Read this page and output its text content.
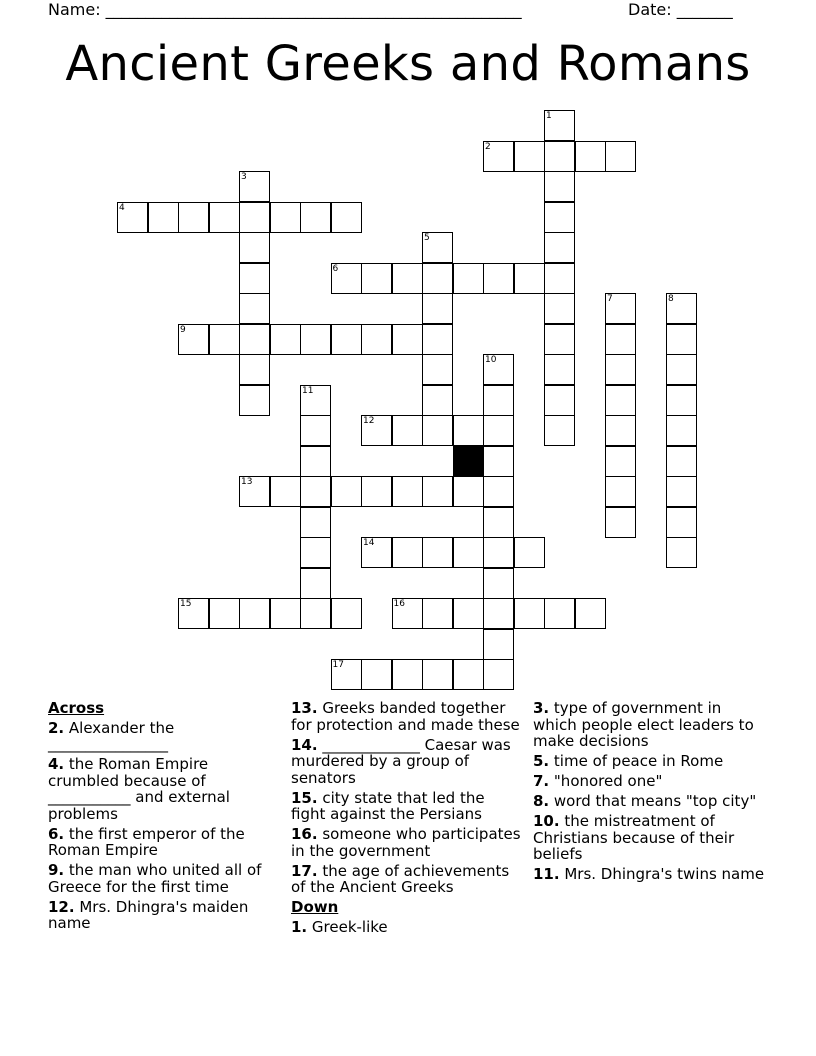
Name: ____________________________________________________	Date: _______
Ancient Greeks and Romans
1
2
3
4
5
6
7	8
9
10
11
12
13
14
15	16
17
Across
2. Alexander the ________________
4. the Roman Empire crumbled because of ___________ and external problems
6. the first emperor of the Roman Empire
9. the man who united all of Greece for the first time
12. Mrs. Dhingra's maiden name
13. Greeks banded together for protection and made these
14. _____________ Caesar was murdered by a group of senators
15. city state that led the fight against the Persians
16. someone who participates in the government
17. the age of achievements of the Ancient Greeks
Down
1. Greek-like
3. type of government in which people elect leaders to make decisions
5. time of peace in Rome
7. "honored one"
8. word that means "top city"
10. the mistreatment of Christians because of their beliefs
11. Mrs. Dhingra's twins name
